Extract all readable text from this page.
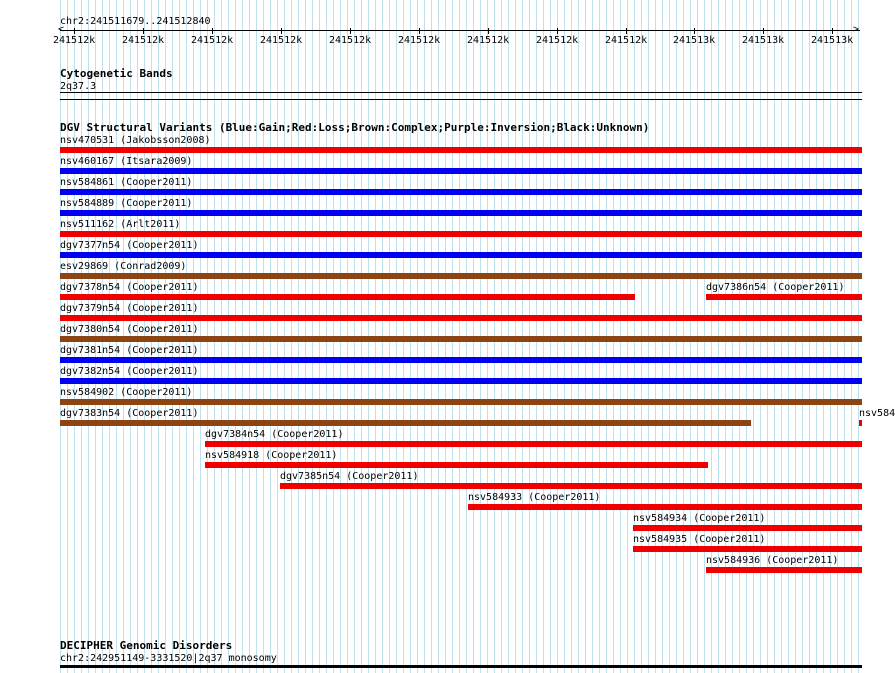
chr2:241511679..241512840
<	>
241512k	241512k	241512k	241512k	241512k	241512k	241512k	241512k	241512k	241513k	241513k	241513k
Cytogenetic Bands
2q37.3
DGV Structural Variants (Blue:Gain;Red:Loss;Brown:Complex;Purple:Inversion;Black:Unknown)
nsv470531 (Jakobsson2008)
nsv460167 (Itsara2009)
nsv584861 (Cooper2011)
nsv584889 (Cooper2011)
nsv511162 (Arlt2011)
dgv7377n54 (Cooper2011)
esv29869 (Conrad2009)
dgv7378n54 (Cooper2011)	dgv7386n54 (Cooper2011)
dgv7379n54 (Cooper2011)
dgv7380n54 (Cooper2011)
dgv7381n54 (Cooper2011)
dgv7382n54 (Cooper2011)
nsv584902 (Cooper2011)
dgv7383n54 (Cooper2011)	nsv584
dgv7384n54 (Cooper2011)
nsv584918 (Cooper2011)
dgv7385n54 (Cooper2011)
nsv584933 (Cooper2011)
nsv584934 (Cooper2011)
nsv584935 (Cooper2011)
nsv584936 (Cooper2011)
DECIPHER Genomic Disorders
chr2:242951149-3331520|2q37 monosomy
